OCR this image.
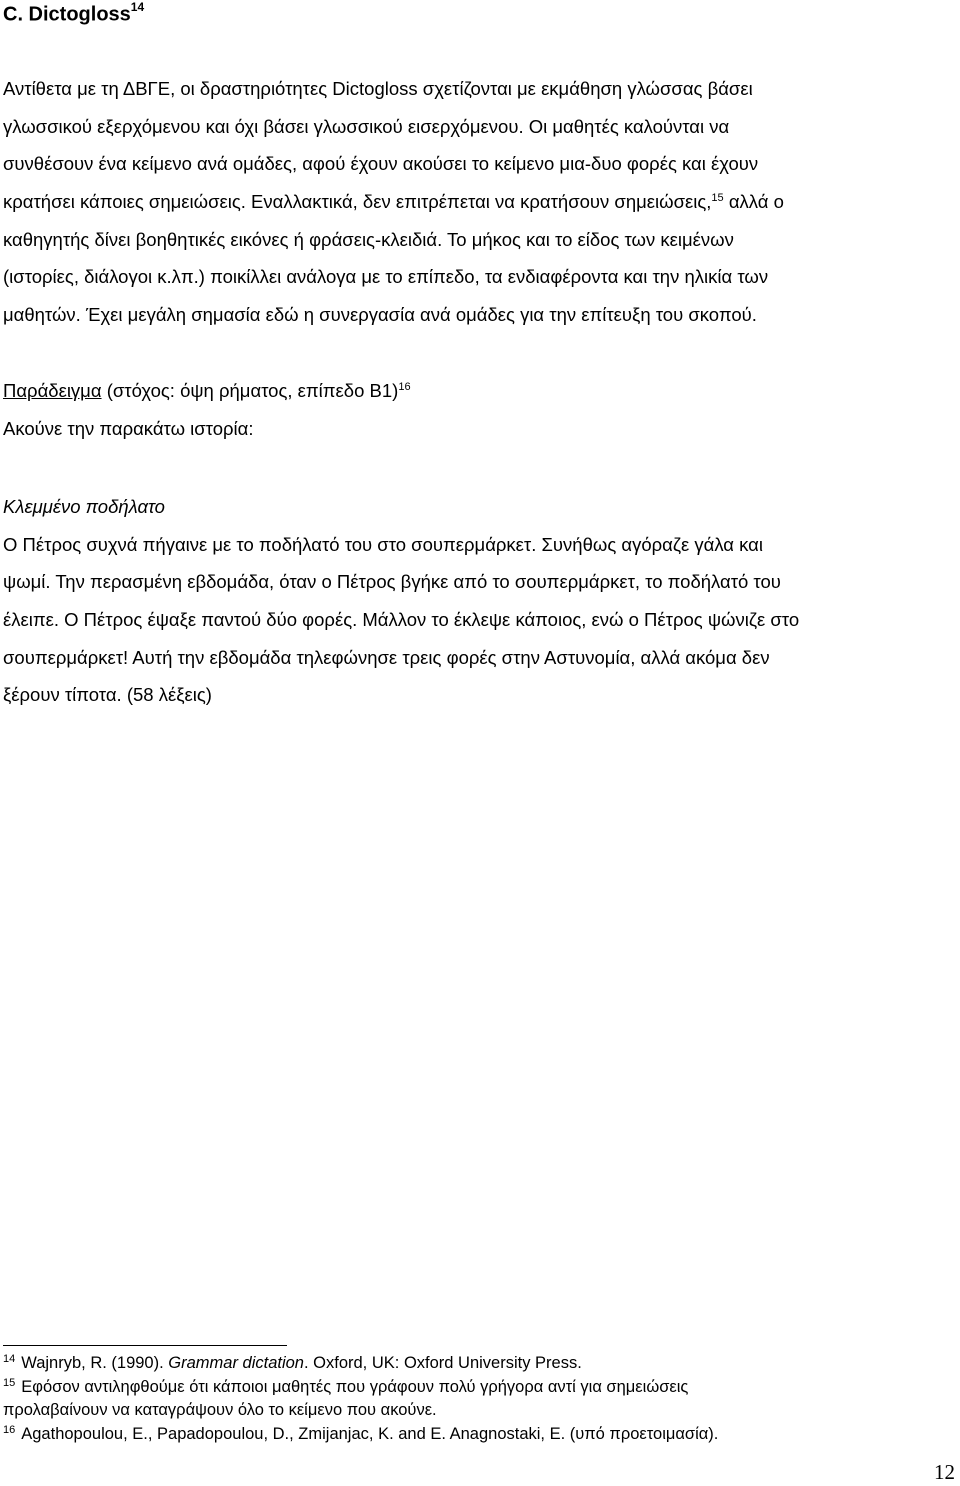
C. Dictogloss$^{14}$
Αντίθετα με τη ΔΒΓΕ, οι δραστηριότητες Dictogloss σχετίζονται με εκμάθηση γλώσσας βάσει
γλωσσικού εξερχόμενου και όχι βάσει γλωσσικού εισερχόμενου. Οι μαθητές καλούνται να
συνθέσουν ένα κείμενο ανά ομάδες, αφού έχουν ακούσει το κείμενο μια-δυο φορές και έχουν
κρατήσει κάποιες σημειώσεις. Εναλλακτικά, δεν επιτρέπεται να κρατήσουν σημειώσεις,$^{15}$ αλλά ο
καθηγητής δίνει βοηθητικές εικόνες ή φράσεις-κλειδιά. Το μήκος και το είδος των κειμένων
(ιστορίες, διάλογοι κ.λπ.) ποικίλλει ανάλογα με το επίπεδο, τα ενδιαφέροντα και την ηλικία των
μαθητών. Έχει μεγάλη σημασία εδώ η συνεργασία ανά ομάδες για την επίτευξη του σκοπού.
Παράδειγμα (στόχος: όψη ρήματος, επίπεδο Β1)$^{16}$
Ακούνε την παρακάτω ιστορία:
Κλεμμένο ποδήλατο
Ο Πέτρος συχνά πήγαινε με το ποδήλατό του στο σουπερμάρκετ. Συνήθως αγόραζε γάλα και
ψωμί. Την περασμένη εβδομάδα, όταν ο Πέτρος βγήκε από το σουπερμάρκετ, το ποδήλατό του
έλειπε. Ο Πέτρος έψαξε παντού δύο φορές. Μάλλον το έκλεψε κάποιος, ενώ ο Πέτρος ψώνιζε στο
σουπερμάρκετ! Αυτή την εβδομάδα τηλεφώνησε τρεις φορές στην Αστυνομία, αλλά ακόμα δεν
ξέρουν τίποτα. (58 λέξεις)
$^{14}$ Wajnryb, R. (1990). Grammar dictation. Oxford, UK: Oxford University Press.
$^{15}$ Εφόσον αντιληφθούμε ότι κάποιοι μαθητές που γράφουν πολύ γρήγορα αντί για σημειώσεις
προλαβαίνουν να καταγράψουν όλο το κείμενο που ακούνε.
$^{16}$ Agathopoulou, E., Papadopoulou, D., Zmijanjac, K. and E. Anagnostaki, E. (υπό προετοιμασία).
12
